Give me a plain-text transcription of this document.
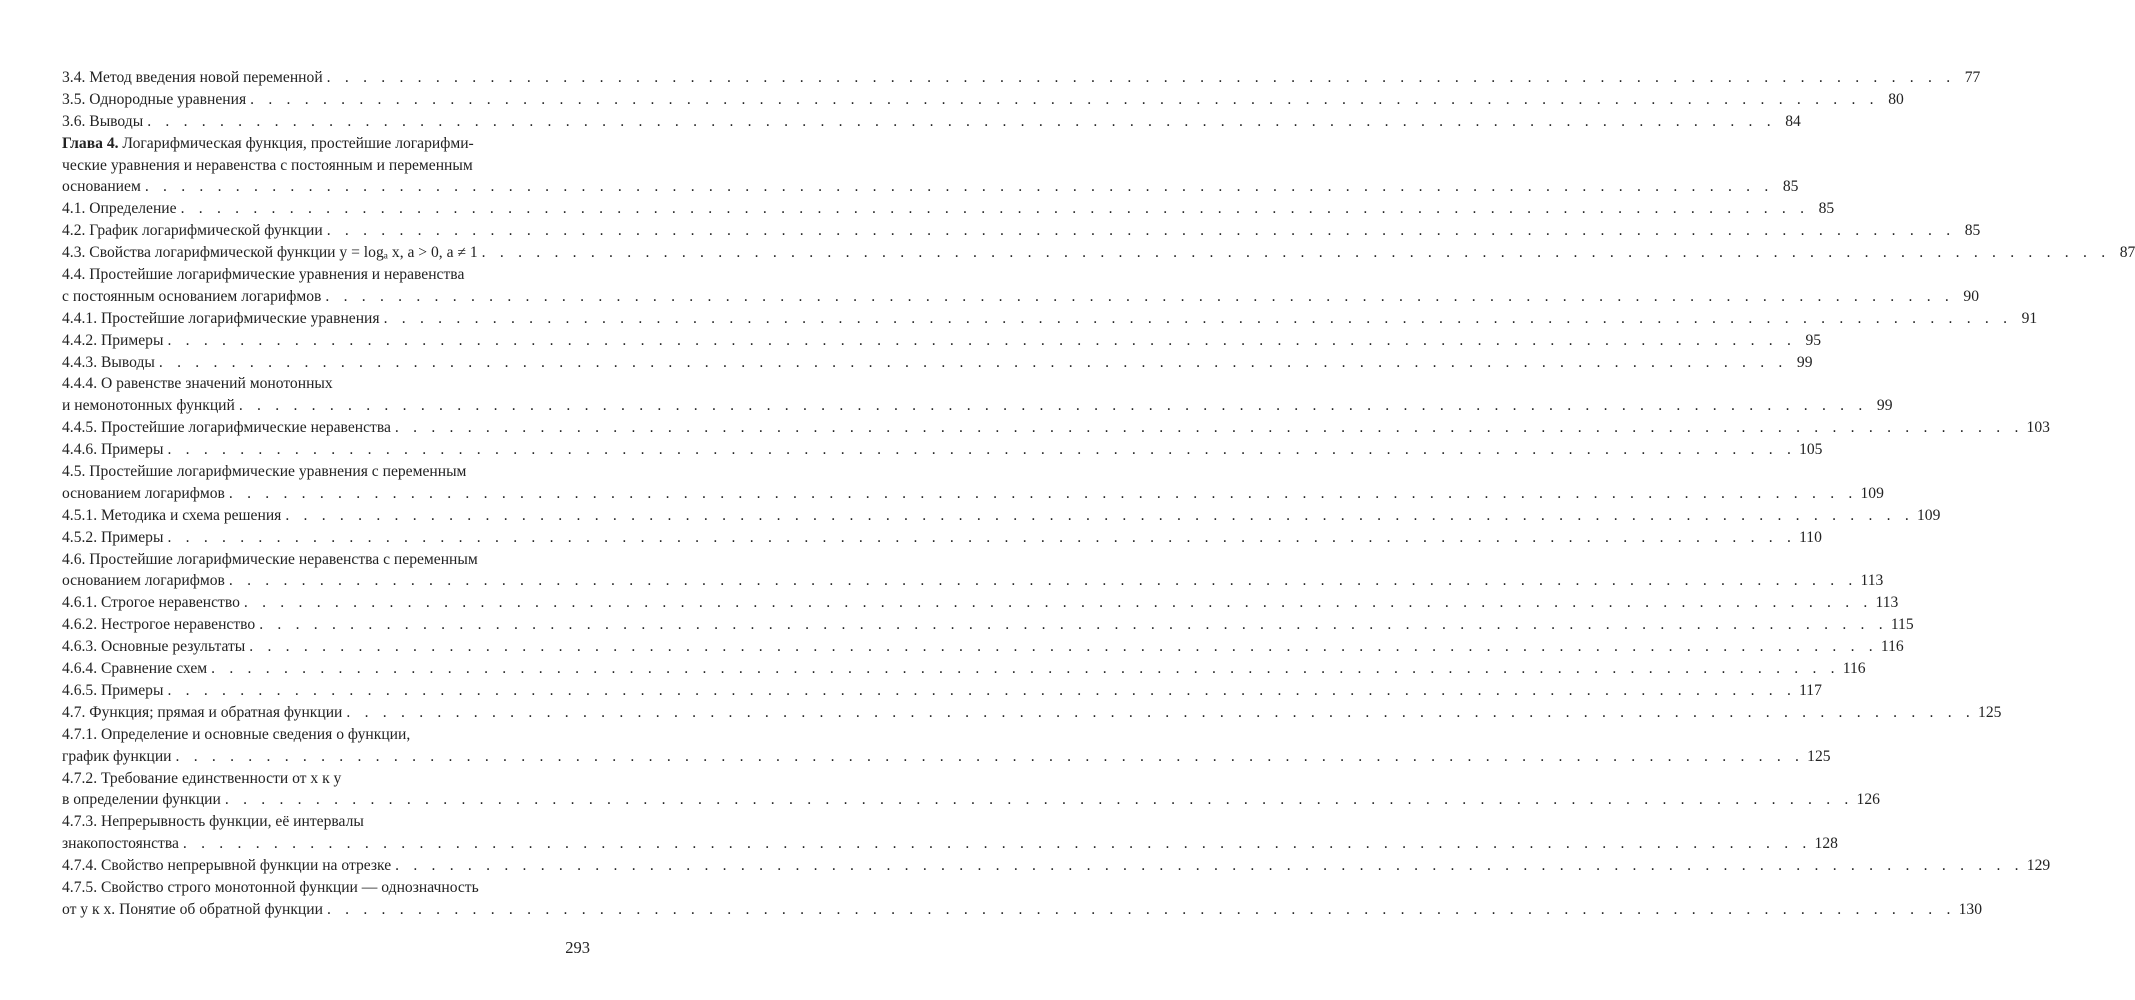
3.4. Метод введения новой переменной . . . . . . . . . . . . . . . . . . . . . . . . . . . . . . . . . . . . . . . . . . . . . . . . . . . . . . . . . . . . . . . . . . . . . . . . . . . . . . . . . . . . . . . . . . 77
3.5. Однородные уравнения . . . . . . . . . . . . . . . . . . . . . . . . . . . . . . . . . . . . . . . . . . . . . . . . . . . . . . . . . . . . . . . . . . . . . . . . . . . . . . . . . . . . . . . . . . 80
3.6. Выводы . . . . . . . . . . . . . . . . . . . . . . . . . . . . . . . . . . . . . . . . . . . . . . . . . . . . . . . . . . . . . . . . . . . . . . . . . . . . . . . . . . . . . . . . . . 84
Глава 4. Логарифмическая функция, простейшие логарифми-
ческие уравнения и неравенства с постоянным и переменным
основанием . . . . . . . . . . . . . . . . . . . . . . . . . . . . . . . . . . . . . . . . . . . . . . . . . . . . . . . . . . . . . . . . . . . . . . . . . . . . . . . . . . . . . . . . . . 85
4.1. Определение . . . . . . . . . . . . . . . . . . . . . . . . . . . . . . . . . . . . . . . . . . . . . . . . . . . . . . . . . . . . . . . . . . . . . . . . . . . . . . . . . . . . . . . . . . 85
4.2. График логарифмической функции . . . . . . . . . . . . . . . . . . . . . . . . . . . . . . . . . . . . . . . . . . . . . . . . . . . . . . . . . . . . . . . . . . . . . . . . . . . . . . . . . . . . . . . . . . 85
4.3. Свойства логарифмической функции y = logₐ x, a > 0, a ≠ 1 . . . . . . . . . . . . . . . . . . . . . . . . . . . . . . . . . . . . . . . . . . . . . . . . . . . . . . . . . . . . . . . . . . . . . . . . . . . . . . . . . . . . . . . . . . 87
4.4. Простейшие логарифмические уравнения и неравенства
с постоянным основанием логарифмов . . . . . . . . . . . . . . . . . . . . . . . . . . . . . . . . . . . . . . . . . . . . . . . . . . . . . . . . . . . . . . . . . . . . . . . . . . . . . . . . . . . . . . . . . . 90
4.4.1. Простейшие логарифмические уравнения . . . . . . . . . . . . . . . . . . . . . . . . . . . . . . . . . . . . . . . . . . . . . . . . . . . . . . . . . . . . . . . . . . . . . . . . . . . . . . . . . . . . . . . . . . 91
4.4.2. Примеры . . . . . . . . . . . . . . . . . . . . . . . . . . . . . . . . . . . . . . . . . . . . . . . . . . . . . . . . . . . . . . . . . . . . . . . . . . . . . . . . . . . . . . . . . . 95
4.4.3. Выводы . . . . . . . . . . . . . . . . . . . . . . . . . . . . . . . . . . . . . . . . . . . . . . . . . . . . . . . . . . . . . . . . . . . . . . . . . . . . . . . . . . . . . . . . . . 99
4.4.4. О равенстве значений монотонных
и немонотонных функций . . . . . . . . . . . . . . . . . . . . . . . . . . . . . . . . . . . . . . . . . . . . . . . . . . . . . . . . . . . . . . . . . . . . . . . . . . . . . . . . . . . . . . . . . . 99
4.4.5. Простейшие логарифмические неравенства . . . . . . . . . . . . . . . . . . . . . . . . . . . . . . . . . . . . . . . . . . . . . . . . . . . . . . . . . . . . . . . . . . . . . . . . . . . . . . . . . . . . . . . . . . 103
4.4.6. Примеры . . . . . . . . . . . . . . . . . . . . . . . . . . . . . . . . . . . . . . . . . . . . . . . . . . . . . . . . . . . . . . . . . . . . . . . . . . . . . . . . . . . . . . . . . . 105
4.5. Простейшие логарифмические уравнения с переменным
основанием логарифмов . . . . . . . . . . . . . . . . . . . . . . . . . . . . . . . . . . . . . . . . . . . . . . . . . . . . . . . . . . . . . . . . . . . . . . . . . . . . . . . . . . . . . . . . . . 109
4.5.1. Методика и схема решения . . . . . . . . . . . . . . . . . . . . . . . . . . . . . . . . . . . . . . . . . . . . . . . . . . . . . . . . . . . . . . . . . . . . . . . . . . . . . . . . . . . . . . . . . . 109
4.5.2. Примеры . . . . . . . . . . . . . . . . . . . . . . . . . . . . . . . . . . . . . . . . . . . . . . . . . . . . . . . . . . . . . . . . . . . . . . . . . . . . . . . . . . . . . . . . . . 110
4.6. Простейшие логарифмические неравенства с переменным
основанием логарифмов . . . . . . . . . . . . . . . . . . . . . . . . . . . . . . . . . . . . . . . . . . . . . . . . . . . . . . . . . . . . . . . . . . . . . . . . . . . . . . . . . . . . . . . . . . 113
4.6.1. Строгое неравенство . . . . . . . . . . . . . . . . . . . . . . . . . . . . . . . . . . . . . . . . . . . . . . . . . . . . . . . . . . . . . . . . . . . . . . . . . . . . . . . . . . . . . . . . . . 113
4.6.2. Нестрогое неравенство . . . . . . . . . . . . . . . . . . . . . . . . . . . . . . . . . . . . . . . . . . . . . . . . . . . . . . . . . . . . . . . . . . . . . . . . . . . . . . . . . . . . . . . . . . 115
4.6.3. Основные результаты . . . . . . . . . . . . . . . . . . . . . . . . . . . . . . . . . . . . . . . . . . . . . . . . . . . . . . . . . . . . . . . . . . . . . . . . . . . . . . . . . . . . . . . . . . 116
4.6.4. Сравнение схем . . . . . . . . . . . . . . . . . . . . . . . . . . . . . . . . . . . . . . . . . . . . . . . . . . . . . . . . . . . . . . . . . . . . . . . . . . . . . . . . . . . . . . . . . . 116
4.6.5. Примеры . . . . . . . . . . . . . . . . . . . . . . . . . . . . . . . . . . . . . . . . . . . . . . . . . . . . . . . . . . . . . . . . . . . . . . . . . . . . . . . . . . . . . . . . . . 117
4.7. Функция; прямая и обратная функции . . . . . . . . . . . . . . . . . . . . . . . . . . . . . . . . . . . . . . . . . . . . . . . . . . . . . . . . . . . . . . . . . . . . . . . . . . . . . . . . . . . . . . . . . . 125
4.7.1. Определение и основные сведения о функции,
график функции . . . . . . . . . . . . . . . . . . . . . . . . . . . . . . . . . . . . . . . . . . . . . . . . . . . . . . . . . . . . . . . . . . . . . . . . . . . . . . . . . . . . . . . . . . 125
4.7.2. Требование единственности от x к y
в определении функции . . . . . . . . . . . . . . . . . . . . . . . . . . . . . . . . . . . . . . . . . . . . . . . . . . . . . . . . . . . . . . . . . . . . . . . . . . . . . . . . . . . . . . . . . . 126
4.7.3. Непрерывность функции, её интервалы
знакопостоянства . . . . . . . . . . . . . . . . . . . . . . . . . . . . . . . . . . . . . . . . . . . . . . . . . . . . . . . . . . . . . . . . . . . . . . . . . . . . . . . . . . . . . . . . . . 128
4.7.4. Свойство непрерывной функции на отрезке . . . . . . . . . . . . . . . . . . . . . . . . . . . . . . . . . . . . . . . . . . . . . . . . . . . . . . . . . . . . . . . . . . . . . . . . . . . . . . . . . . . . . . . . . . 129
4.7.5. Свойство строго монотонной функции — однозначность
от y к x. Понятие об обратной функции . . . . . . . . . . . . . . . . . . . . . . . . . . . . . . . . . . . . . . . . . . . . . . . . . . . . . . . . . . . . . . . . . . . . . . . . . . . . . . . . . . . . . . . . . . 130
293
